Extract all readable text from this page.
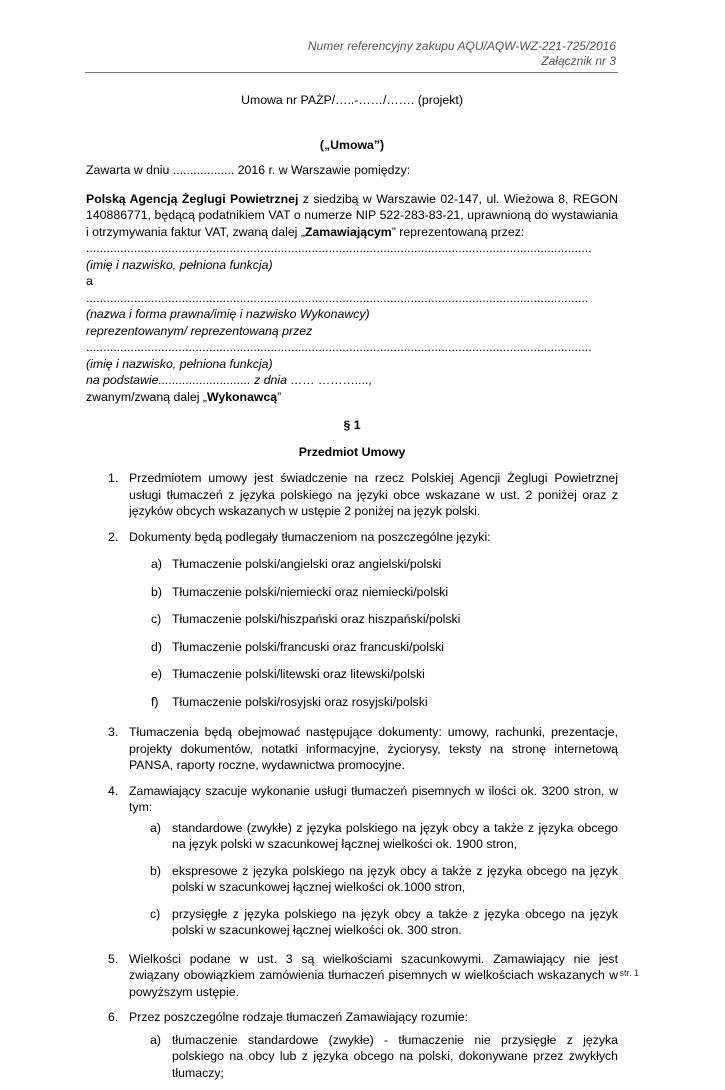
Numer referencyjny zakupu AQU/AQW-WZ-221-725/2016
Załącznik nr 3
Umowa nr PAŻP/…..-……/……. (projekt)
(„Umowa”)
Zawarta w dniu .................. 2016 r. w Warszawie pomiędzy:
Polską Agencją Żeglugi Powietrznej z siedzibą w Warszawie 02-147, ul. Wieżowa 8, REGON 140886771, będącą podatnikiem VAT o numerze NIP 522-283-83-21, uprawnioną do wystawiania i otrzymywania faktur VAT, zwaną dalej „Zamawiającym” reprezentowaną przez:
....................................................................................................................................................
(imię i nazwisko, pełniona funkcja)
a
...................................................................................................................................................
(nazwa i forma prawna/imię i nazwisko Wykonawcy)
reprezentowanym/ reprezentowaną przez
....................................................................................................................................................
(imię i nazwisko, pełniona funkcja)
na podstawie........................... z dnia …… ………....,
zwanym/zwaną dalej „Wykonawcą”
§ 1
Przedmiot Umowy
1. Przedmiotem umowy jest świadczenie na rzecz Polskiej Agencji Żeglugi Powietrznej usługi tłumaczeń z języka polskiego na języki obce wskazane w ust. 2 poniżej oraz z języków obcych wskazanych w ustępie 2 poniżej na język polski.
2. Dokumenty będą podlegały tłumaczeniom na poszczególne języki:
a) Tłumaczenie polski/angielski oraz angielski/polski
b) Tłumaczenie polski/niemiecki oraz niemiecki/polski
c) Tłumaczenie polski/hiszpański oraz hiszpański/polski
d) Tłumaczenie polski/francuski oraz francuski/polski
e) Tłumaczenie polski/litewski oraz litewski/polski
f) Tłumaczenie polski/rosyjski oraz rosyjski/polski
3. Tłumaczenia będą obejmować następujące dokumenty: umowy, rachunki, prezentacje, projekty dokumentów, notatki informacyjne, życiorysy, teksty na stronę internetową PANSA, raporty roczne, wydawnictwa promocyjne.
4. Zamawiający szacuje wykonanie usługi tłumaczeń pisemnych w ilości ok. 3200 stron, w tym:
a) standardowe (zwykłe) z języka polskiego na język obcy a także z języka obcego na język polski w szacunkowej łącznej wielkości ok. 1900 stron,
b) ekspresowe z języka polskiego na język obcy a także z języka obcego na język polski w szacunkowej łącznej wielkości ok.1000 stron,
c) przysięgłe z języka polskiego na język obcy a także z języka obcego na język polski w szacunkowej łącznej wielkości ok. 300 stron.
5. Wielkości podane w ust. 3 są wielkościami szacunkowymi. Zamawiający nie jest związany obowiązkiem zamówienia tłumaczeń pisemnych w wielkościach wskazanych w powyższym ustępie.
6. Przez poszczególne rodzaje tłumaczeń Zamawiający rozumie:
a) tłumaczenie standardowe (zwykłe) - tłumaczenie nie przysięgłe z języka polskiego na obcy lub z języka obcego na polski, dokonywane przez zwykłych tłumaczy;
str. 1
